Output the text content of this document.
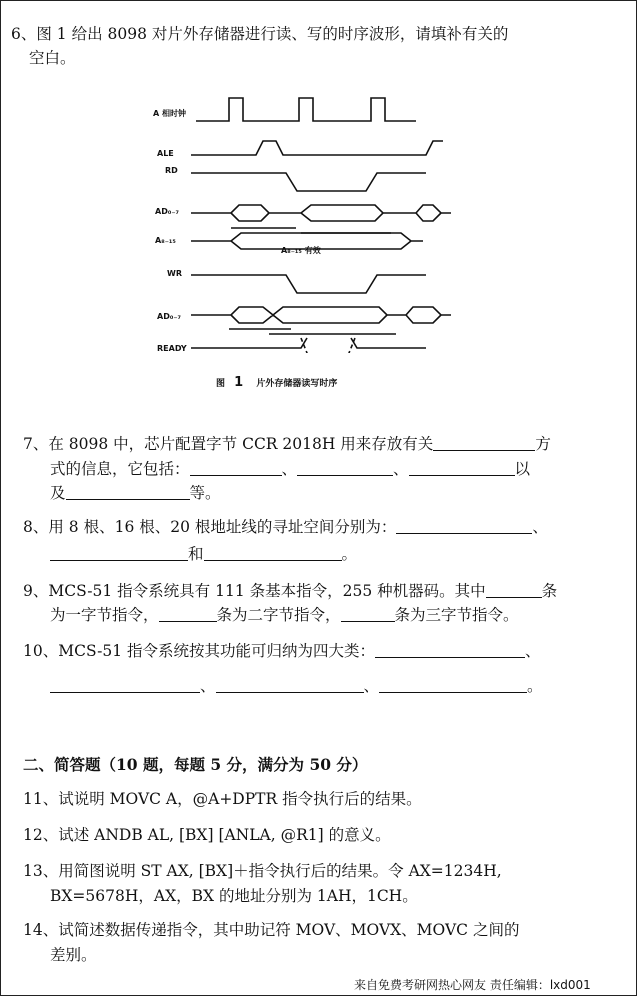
6、图 1 给出 8098 对片外存储器进行读、写的时序波形，请填补有关的
空白。
A 相时钟
ALE
RD
AD₀₋₇
A₈₋₁₅
A₈₋₁₅ 有效
WR
AD₀₋₇
READY
图 1 片外存储器读写时序
7、在 8098 中，芯片配置字节 CCR 2018H 用来存放有关	方
式的信息，它包括：	、	、	以
及	等。
8、用 8 根、16 根、20 根地址线的寻址空间分别为：	、
和	。
9、MCS-51 指令系统具有 111 条基本指令，255 种机器码。其中	条
为一字节指令，	条为二字节指令，	条为三字节指令。
10、MCS-51 指令系统按其功能可归纳为四大类：	、
、	、	。
二、简答题（10 题，每题 5 分，满分为 50 分）
11、试说明 MOVC A，@A+DPTR 指令执行后的结果。
12、试述 ANDB AL, [BX] [ANLA, @R1] 的意义。
13、用简图说明 ST AX, [BX]＋指令执行后的结果。令 AX=1234H,
BX=5678H，AX，BX 的地址分别为 1AH，1CH。
14、试简述数据传递指令，其中助记符 MOV、MOVX、MOVC 之间的
差别。
来自免费考研网热心网友 责任编辑：lxd001
